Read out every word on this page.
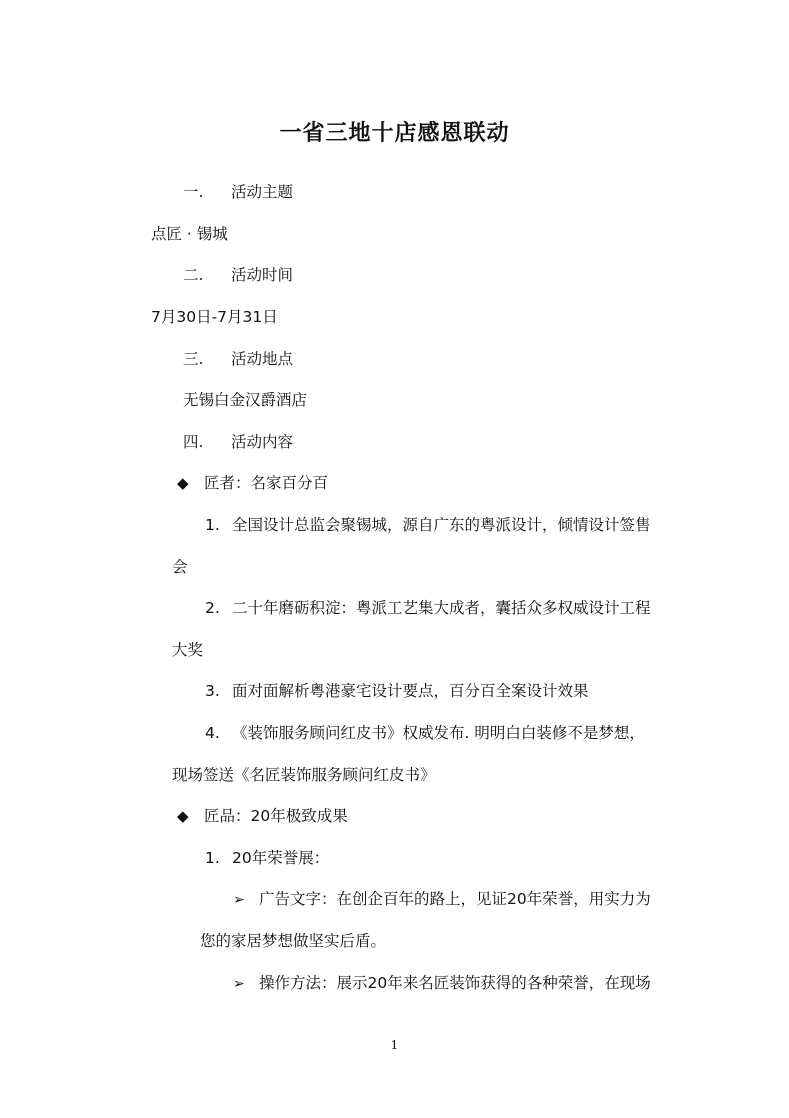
一省三地十店感恩联动
一. 活动主题
点匠 · 锡城
二. 活动时间
7月30日-7月31日
三. 活动地点
无锡白金汉爵酒店
四. 活动内容
◆ 匠者：名家百分百
1. 全国设计总监会聚锡城，源自广东的粤派设计，倾情设计签售
会
2. 二十年磨砺积淀：粤派工艺集大成者，囊括众多权威设计工程
大奖
3. 面对面解析粤港豪宅设计要点，百分百全案设计效果
4. 《装饰服务顾问红皮书》权威发布. 明明白白装修不是梦想，
现场签送《名匠装饰服务顾问红皮书》
◆ 匠品：20年极致成果
1. 20年荣誉展：
➢ 广告文字：在创企百年的路上，见证20年荣誉，用实力为
您的家居梦想做坚实后盾。
➢ 操作方法：展示20年来名匠装饰获得的各种荣誉，在现场
1
